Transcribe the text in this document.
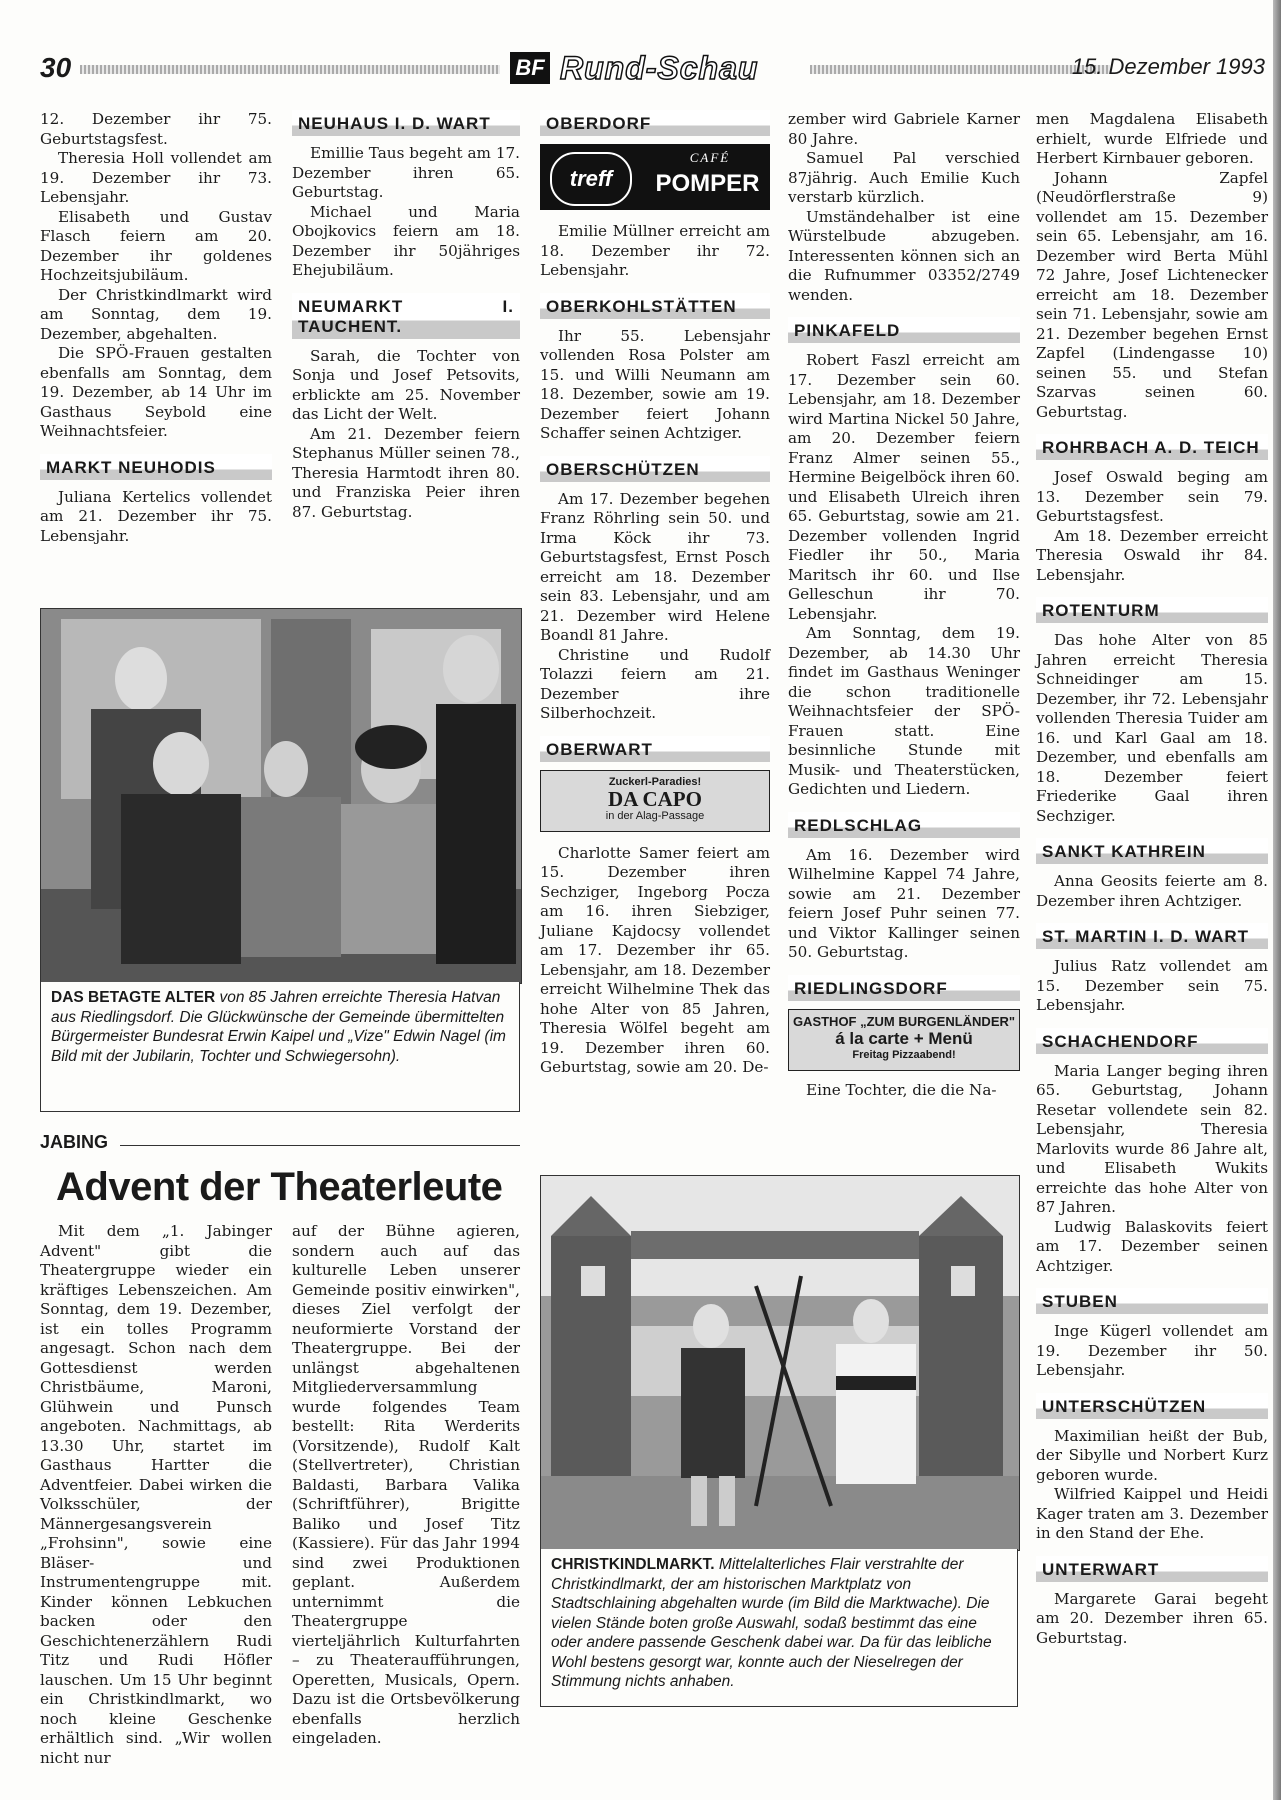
30	BF Rund-Schau	15. Dezember 1993

12. Dezember ihr 75. Geburtstagsfest.

Theresia Holl vollendet am 19. Dezember ihr 73. Lebensjahr.

Elisabeth und Gustav Flasch feiern am 20. Dezember ihr goldenes Hochzeitsjubiläum.

Der Christkindlmarkt wird am Sonntag, dem 19. Dezember, abgehalten.

Die SPÖ-Frauen gestalten ebenfalls am Sonntag, dem 19. Dezember, ab 14 Uhr im Gasthaus Seybold eine Weihnachtsfeier.

MARKT NEUHODIS

Juliana Kertelics vollendet am 21. Dezember ihr 75. Lebensjahr.

NEUHAUS I. D. WART

Emillie Taus begeht am 17. Dezember ihren 65. Geburtstag.

Michael und Maria Obojkovics feiern am 18. Dezember ihr 50jähriges Ehejubiläum.

NEUMARKT I. TAUCHENT.

Sarah, die Tochter von Sonja und Josef Petsovits, erblickte am 25. November das Licht der Welt.

Am 21. Dezember feiern Stephanus Müller seinen 78., Theresia Harmtodt ihren 80. und Franziska Peier ihren 87. Geburtstag.

DAS BETAGTE ALTER von 85 Jahren erreichte Theresia Hatvan aus Riedlingsdorf. Die Glückwünsche der Gemeinde übermittelten Bürgermeister Bundesrat Erwin Kaipel und „Vize" Edwin Nagel (im Bild mit der Jubilarin, Tochter und Schwiegersohn).
JABING
Advent der Theaterleute

Mit dem „1. Jabinger Advent" gibt die Theatergruppe wieder ein kräftiges Lebenszeichen. Am Sonntag, dem 19. Dezember, ist ein tolles Programm angesagt. Schon nach dem Gottesdienst werden Christbäume, Maroni, Glühwein und Punsch angeboten. Nachmittags, ab 13.30 Uhr, startet im Gasthaus Hartter die Adventfeier. Dabei wirken die Volksschüler, der Männergesangsverein „Frohsinn", sowie eine Bläser- und Instrumentengruppe mit. Kinder können Lebkuchen backen oder den Geschichtenerzählern Rudi Titz und Rudi Höfler lauschen. Um 15 Uhr beginnt ein Christkindlmarkt, wo noch kleine Geschenke erhältlich sind. „Wir wollen nicht nur

auf der Bühne agieren, sondern auch auf das kulturelle Leben unserer Gemeinde positiv einwirken", dieses Ziel verfolgt der neuformierte Vorstand der Theatergruppe. Bei der unlängst abgehaltenen Mitgliederversammlung wurde folgendes Team bestellt: Rita Werderits (Vorsitzende), Rudolf Kalt (Stellvertreter), Christian Baldasti, Barbara Valika (Schriftführer), Brigitte Baliko und Josef Titz (Kassiere). Für das Jahr 1994 sind zwei Produktionen geplant. Außerdem unternimmt die Theatergruppe vierteljährlich Kulturfahrten – zu Theateraufführungen, Operetten, Musicals, Opern. Dazu ist die Ortsbevölkerung ebenfalls herzlich eingeladen.

OBERDORF
treff
CAFÉ
POMPER

Emilie Müllner erreicht am 18. Dezember ihr 72. Lebensjahr.

OBERKOHLSTÄTTEN

Ihr 55. Lebensjahr vollenden Rosa Polster am 15. und Willi Neumann am 18. Dezember, sowie am 19. Dezember feiert Johann Schaffer seinen Achtziger.

OBERSCHÜTZEN

Am 17. Dezember begehen Franz Röhrling sein 50. und Irma Köck ihr 73. Geburtstagsfest, Ernst Posch erreicht am 18. Dezember sein 83. Lebensjahr, und am 21. Dezember wird Helene Boandl 81 Jahre.

Christine und Rudolf Tolazzi feiern am 21. Dezember ihre Silberhochzeit.

OBERWART
Zuckerl-Paradies!
DA CAPO
in der Alag-Passage

Charlotte Samer feiert am 15. Dezember ihren Sechziger, Ingeborg Pocza am 16. ihren Siebziger, Juliane Kajdocsy vollendet am 17. Dezember ihr 65. Lebensjahr, am 18. Dezember erreicht Wilhelmine Thek das hohe Alter von 85 Jahren, Theresia Wölfel begeht am 19. Dezember ihren 60. Geburtstag, sowie am 20. De-

zember wird Gabriele Karner 80 Jahre.

Samuel Pal verschied 87jährig. Auch Emilie Kuch verstarb kürzlich.

Umständehalber ist eine Würstelbude abzugeben. Interessenten können sich an die Rufnummer 03352/2749 wenden.

PINKAFELD

Robert Faszl erreicht am 17. Dezember sein 60. Lebensjahr, am 18. Dezember wird Martina Nickel 50 Jahre, am 20. Dezember feiern Franz Almer seinen 55., Hermine Beigelböck ihren 60. und Elisabeth Ulreich ihren 65. Geburtstag, sowie am 21. Dezember vollenden Ingrid Fiedler ihr 50., Maria Maritsch ihr 60. und Ilse Gelleschun ihr 70. Lebensjahr.

Am Sonntag, dem 19. Dezember, ab 14.30 Uhr findet im Gasthaus Weninger die schon traditionelle Weihnachtsfeier der SPÖ-Frauen statt. Eine besinnliche Stunde mit Musik- und Theaterstücken, Gedichten und Liedern.

REDLSCHLAG

Am 16. Dezember wird Wilhelmine Kappel 74 Jahre, sowie am 21. Dezember feiern Josef Puhr seinen 77. und Viktor Kallinger seinen 50. Geburtstag.

RIEDLINGSDORF
GASTHOF „ZUM BURGENLÄNDER"
á la carte + Menü
Freitag Pizzaabend!

Eine Tochter, die die Na-

CHRISTKINDLMARKT. Mittelalterliches Flair verstrahlte der Christkindlmarkt, der am historischen Marktplatz von Stadtschlaining abgehalten wurde (im Bild die Marktwache). Die vielen Stände boten große Auswahl, sodaß bestimmt das eine oder andere passende Geschenk dabei war. Da für das leibliche Wohl bestens gesorgt war, konnte auch der Nieselregen der Stimmung nichts anhaben.

men Magdalena Elisabeth erhielt, wurde Elfriede und Herbert Kirnbauer geboren.

Johann Zapfel (Neudörflerstraße 9) vollendet am 15. Dezember sein 65. Lebensjahr, am 16. Dezember wird Berta Mühl 72 Jahre, Josef Lichtenecker erreicht am 18. Dezember sein 71. Lebensjahr, sowie am 21. Dezember begehen Ernst Zapfel (Lindengasse 10) seinen 55. und Stefan Szarvas seinen 60. Geburtstag.

ROHRBACH A. D. TEICH

Josef Oswald beging am 13. Dezember sein 79. Geburtstagsfest.

Am 18. Dezember erreicht Theresia Oswald ihr 84. Lebensjahr.

ROTENTURM

Das hohe Alter von 85 Jahren erreicht Theresia Schneidinger am 15. Dezember, ihr 72. Lebensjahr vollenden Theresia Tuider am 16. und Karl Gaal am 18. Dezember, und ebenfalls am 18. Dezember feiert Friederike Gaal ihren Sechziger.

SANKT KATHREIN

Anna Geosits feierte am 8. Dezember ihren Achtziger.

ST. MARTIN I. D. WART

Julius Ratz vollendet am 15. Dezember sein 75. Lebensjahr.

SCHACHENDORF

Maria Langer beging ihren 65. Geburtstag, Johann Resetar vollendete sein 82. Lebensjahr, Theresia Marlovits wurde 86 Jahre alt, und Elisabeth Wukits erreichte das hohe Alter von 87 Jahren.

Ludwig Balaskovits feiert am 17. Dezember seinen Achtziger.

STUBEN

Inge Kügerl vollendet am 19. Dezember ihr 50. Lebensjahr.

UNTERSCHÜTZEN

Maximilian heißt der Bub, der Sibylle und Norbert Kurz geboren wurde.

Wilfried Kaippel und Heidi Kager traten am 3. Dezember in den Stand der Ehe.

UNTERWART

Margarete Garai begeht am 20. Dezember ihren 65. Geburtstag.
